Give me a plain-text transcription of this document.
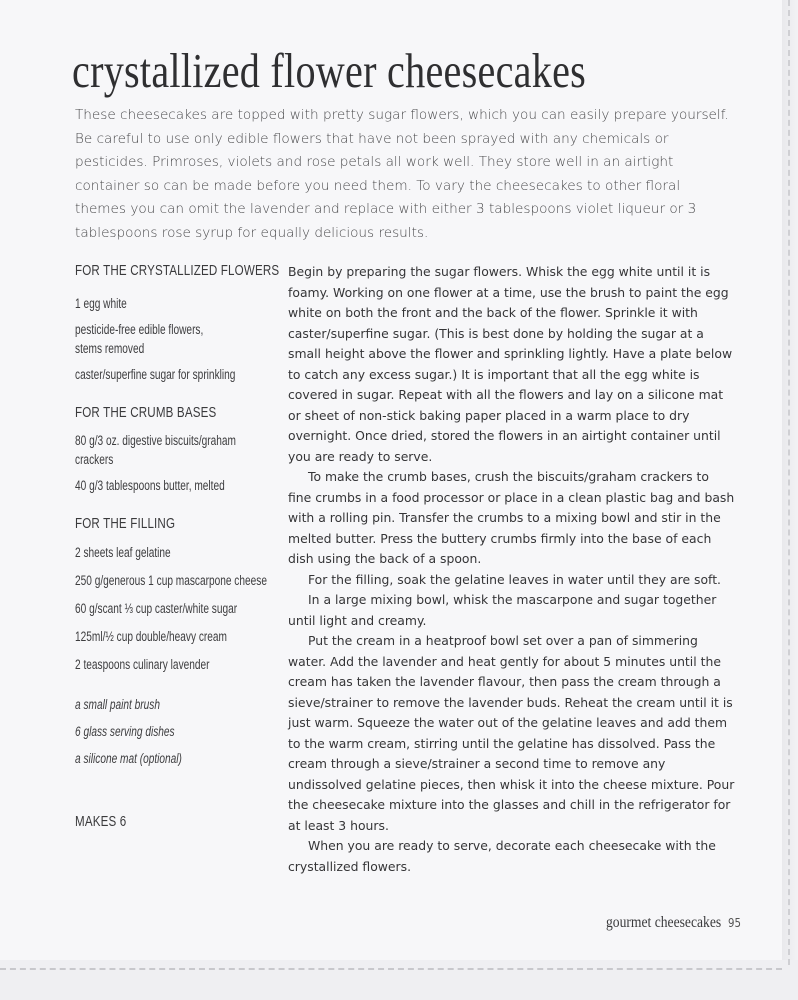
crystallized flower cheesecakes
These cheesecakes are topped with pretty sugar flowers, which you can easily prepare yourself. Be careful to use only edible flowers that have not been sprayed with any chemicals or pesticides. Primroses, violets and rose petals all work well. They store well in an airtight container so can be made before you need them. To vary the cheesecakes to other floral themes you can omit the lavender and replace with either 3 tablespoons violet liqueur or 3 tablespoons rose syrup for equally delicious results.
FOR THE CRYSTALLIZED FLOWERS
1 egg white
pesticide-free edible flowers, stems removed
caster/superfine sugar for sprinkling
FOR THE CRUMB BASES
80 g/3 oz. digestive biscuits/graham crackers
40 g/3 tablespoons butter, melted
FOR THE FILLING
2 sheets leaf gelatine
250 g/generous 1 cup mascarpone cheese
60 g/scant ⅓ cup caster/white sugar
125ml/½ cup double/heavy cream
2 teaspoons culinary lavender
a small paint brush
6 glass serving dishes
a silicone mat (optional)
MAKES 6

Begin by preparing the sugar flowers. Whisk the egg white until it is foamy. Working on one flower at a time, use the brush to paint the egg white on both the front and the back of the flower. Sprinkle it with caster/superfine sugar. (This is best done by holding the sugar at a small height above the flower and sprinkling lightly. Have a plate below to catch any excess sugar.) It is important that all the egg white is covered in sugar. Repeat with all the flowers and lay on a silicone mat or sheet of non-stick baking paper placed in a warm place to dry overnight. Once dried, stored the flowers in an airtight container until you are ready to serve.

To make the crumb bases, crush the biscuits/graham crackers to fine crumbs in a food processor or place in a clean plastic bag and bash with a rolling pin. Transfer the crumbs to a mixing bowl and stir in the melted butter. Press the buttery crumbs firmly into the base of each dish using the back of a spoon.

For the filling, soak the gelatine leaves in water until they are soft.

In a large mixing bowl, whisk the mascarpone and sugar together until light and creamy.

Put the cream in a heatproof bowl set over a pan of simmering water. Add the lavender and heat gently for about 5 minutes until the cream has taken the lavender flavour, then pass the cream through a sieve/strainer to remove the lavender buds. Reheat the cream until it is just warm. Squeeze the water out of the gelatine leaves and add them to the warm cream, stirring until the gelatine has dissolved. Pass the cream through a sieve/strainer a second time to remove any undissolved gelatine pieces, then whisk it into the cheese mixture. Pour the cheesecake mixture into the glasses and chill in the refrigerator for at least 3 hours.

When you are ready to serve, decorate each cheesecake with the crystallized flowers.

gourmet cheesecakes 95
